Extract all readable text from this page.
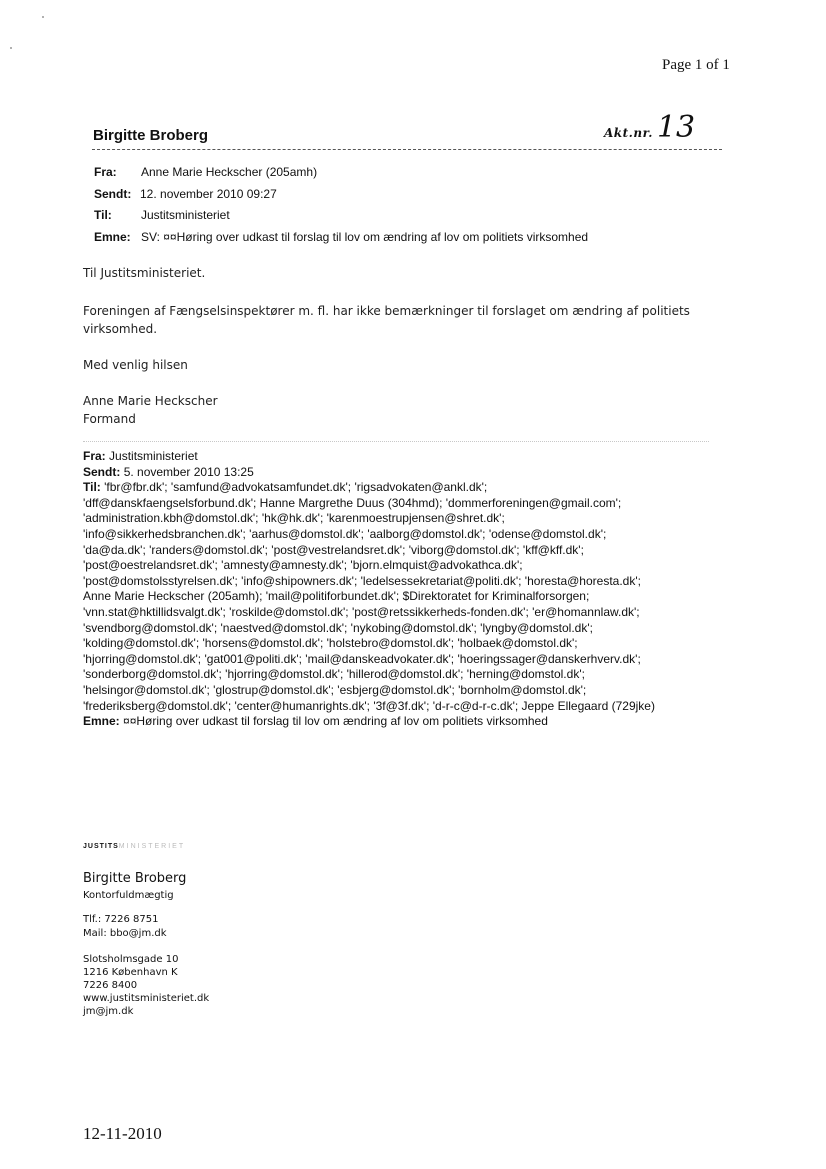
Page 1 of 1
Birgitte Broberg	Akt.nr. 13
Fra: Anne Marie Heckscher (205amh)
Sendt: 12. november 2010 09:27
Til: Justitsministeriet
Emne: SV: ¤¤Høring over udkast til forslag til lov om ændring af lov om politiets virksomhed
Til Justitsministeriet.
Foreningen af Fængselsinspektører m. fl. har ikke bemærkninger til forslaget om ændring af politiets
virksomhed.
Med venlig hilsen
Anne Marie Heckscher
Formand
Fra: Justitsministeriet
Sendt: 5. november 2010 13:25
Til: 'fbr@fbr.dk'; 'samfund@advokatsamfundet.dk'; 'rigsadvokaten@ankl.dk';
'dff@danskfaengselsforbund.dk'; Hanne Margrethe Duus (304hmd); 'dommerforeningen@gmail.com';
'administration.kbh@domstol.dk'; 'hk@hk.dk'; 'karenmoestrupjensen@shret.dk';
'info@sikkerhedsbranchen.dk'; 'aarhus@domstol.dk'; 'aalborg@domstol.dk'; 'odense@domstol.dk';
'da@da.dk'; 'randers@domstol.dk'; 'post@vestrelandsret.dk'; 'viborg@domstol.dk'; 'kff@kff.dk';
'post@oestrelandsret.dk'; 'amnesty@amnesty.dk'; 'bjorn.elmquist@advokathca.dk';
'post@domstolsstyrelsen.dk'; 'info@shipowners.dk'; 'ledelsessekretariat@politi.dk'; 'horesta@horesta.dk';
Anne Marie Heckscher (205amh); 'mail@politiforbundet.dk'; $Direktoratet for Kriminalforsorgen;
'vnn.stat@hktillidsvalgt.dk'; 'roskilde@domstol.dk'; 'post@retssikkerheds-fonden.dk'; 'er@homannlaw.dk';
'svendborg@domstol.dk'; 'naestved@domstol.dk'; 'nykobing@domstol.dk'; 'lyngby@domstol.dk';
'kolding@domstol.dk'; 'horsens@domstol.dk'; 'holstebro@domstol.dk'; 'holbaek@domstol.dk';
'hjorring@domstol.dk'; 'gat001@politi.dk'; 'mail@danskeadvokater.dk'; 'hoeringssager@danskerhverv.dk';
'sonderborg@domstol.dk'; 'hjorring@domstol.dk'; 'hillerod@domstol.dk'; 'herning@domstol.dk';
'helsingor@domstol.dk'; 'glostrup@domstol.dk'; 'esbjerg@domstol.dk'; 'bornholm@domstol.dk';
'frederiksberg@domstol.dk'; 'center@humanrights.dk'; '3f@3f.dk'; 'd-r-c@d-r-c.dk'; Jeppe Ellegaard (729jke)
Emne: ¤¤Høring over udkast til forslag til lov om ændring af lov om politiets virksomhed
JUSTITSMINISTERIET
Birgitte Broberg
Kontorfuldmægtig
Tlf.: 7226 8751
Mail: bbo@jm.dk
Slotsholmsgade 10
1216 København K
7226 8400
www.justitsministeriet.dk
jm@jm.dk
12-11-2010
